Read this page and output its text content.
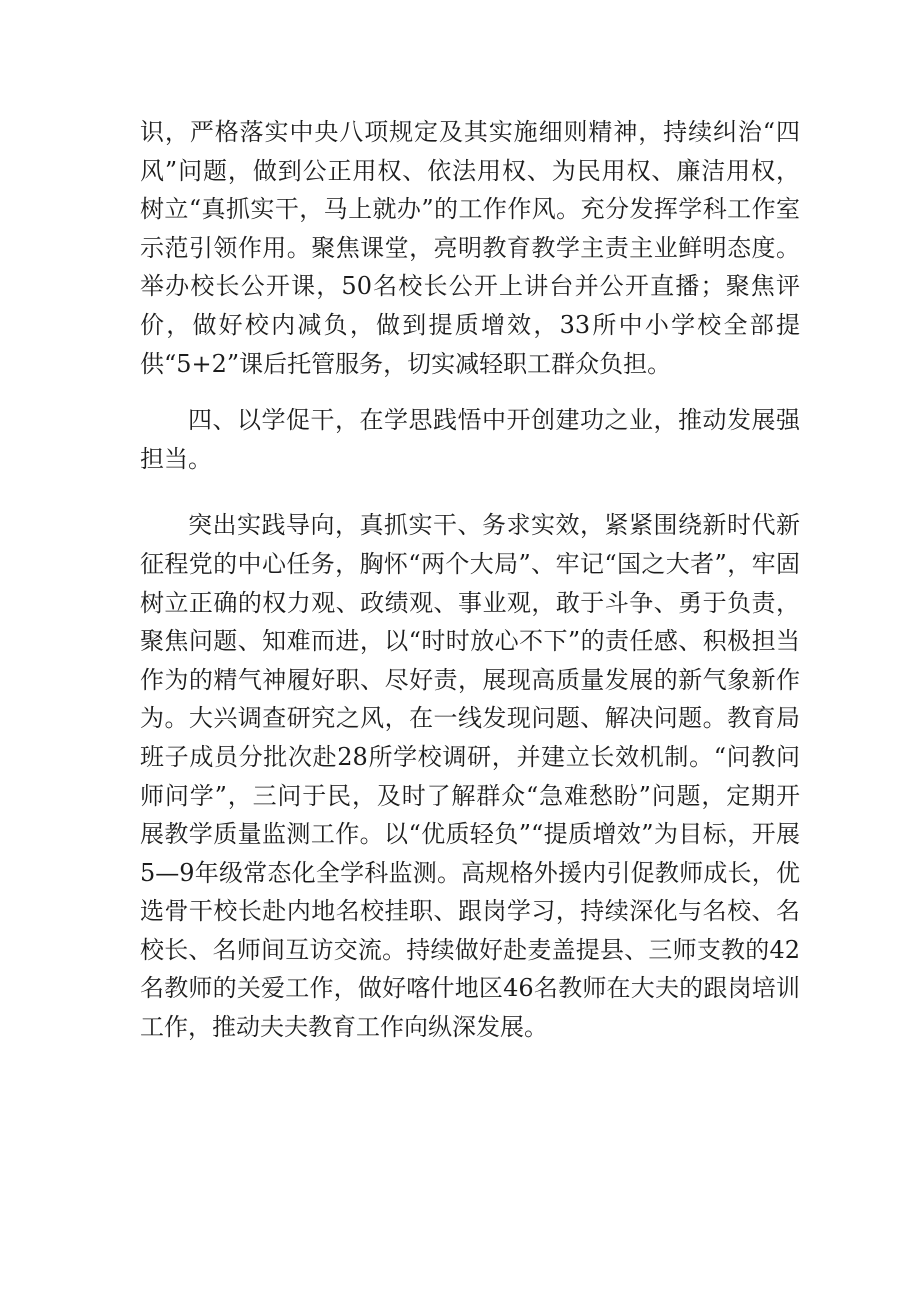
识，严格落实中央八项规定及其实施细则精神，持续纠治“四风”问题，做到公正用权、依法用权、为民用权、廉洁用权，树立“真抓实干，马上就办”的工作作风。充分发挥学科工作室示范引领作用。聚焦课堂，亮明教育教学主责主业鲜明态度。举办校长公开课，50名校长公开上讲台并公开直播；聚焦评价，做好校内减负，做到提质增效，33所中小学校全部提供“5+2”课后托管服务，切实减轻职工群众负担。

四、以学促干，在学思践悟中开创建功之业，推动发展强担当。

突出实践导向，真抓实干、务求实效，紧紧围绕新时代新征程党的中心任务，胸怀“两个大局”、牢记“国之大者”，牢固树立正确的权力观、政绩观、事业观，敢于斗争、勇于负责，聚焦问题、知难而进，以“时时放心不下”的责任感、积极担当作为的精气神履好职、尽好责，展现高质量发展的新气象新作为。大兴调查研究之风，在一线发现问题、解决问题。教育局班子成员分批次赴28所学校调研，并建立长效机制。“问教问师问学”，三问于民，及时了解群众“急难愁盼”问题，定期开展教学质量监测工作。以“优质轻负”“提质增效”为目标，开展5—9年级常态化全学科监测。高规格外援内引促教师成长，优选骨干校长赴内地名校挂职、跟岗学习，持续深化与名校、名校长、名师间互访交流。持续做好赴麦盖提县、三师支教的42名教师的关爱工作，做好喀什地区46名教师在大夫的跟岗培训工作，推动夫夫教育工作向纵深发展。
